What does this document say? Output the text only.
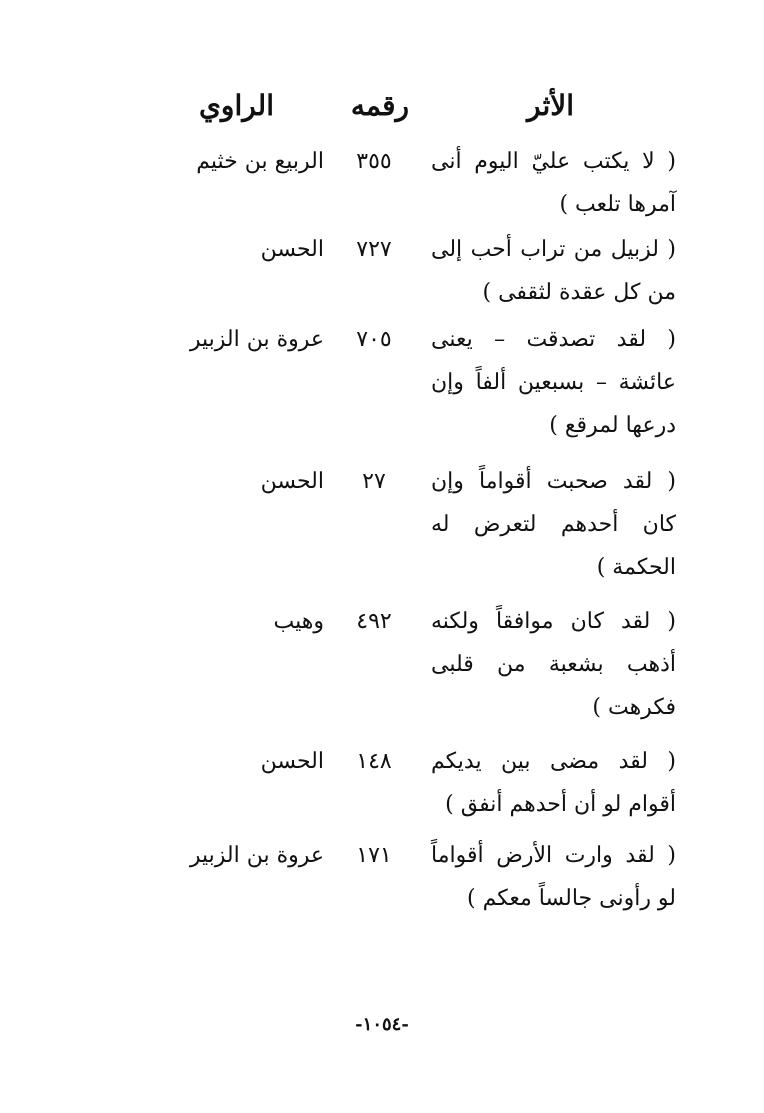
الأثر
رقمه
الراوي
( لا يكتب عليّ اليوم أنى آمرها تلعب )
٣٥٥
الربيع بن خثيم
( لزبيل من تراب أحب إلى من كل عقدة لثقفى )
٧٢٧
الحسن
( لقد تصدقت – يعنى عائشة – بسبعين ألفاً وإن درعها لمرقع )
٧٠٥
عروة بن الزبير
( لقد صحبت أقواماً وإن كان أحدهم لتعرض له الحكمة )
٢٧
الحسن
( لقد كان موافقاً ولكنه أذهب بشعبة من قلبى فكرهت )
٤٩٢
وهيب
( لقد مضى بين يديكم أقوام لو أن أحدهم أنفق )
١٤٨
الحسن
( لقد وارت الأرض أقواماً لو رأونى جالساً معكم )
١٧١
عروة بن الزبير
-١٠٥٤-
